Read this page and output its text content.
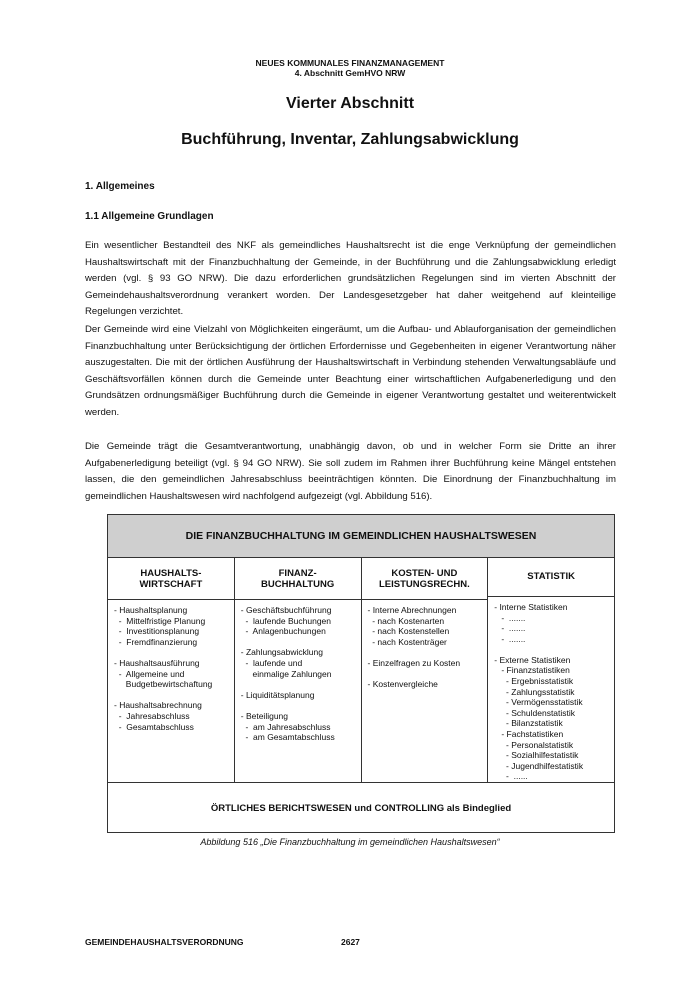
NEUES KOMMUNALES FINANZMANAGEMENT
4. Abschnitt GemHVO NRW
Vierter Abschnitt
Buchführung, Inventar, Zahlungsabwicklung
1. Allgemeines
1.1 Allgemeine Grundlagen

Ein wesentlicher Bestandteil des NKF als gemeindliches Haushaltsrecht ist die enge Verknüpfung der gemeindlichen Haushaltswirtschaft mit der Finanzbuchhaltung der Gemeinde, in der Buchführung und die Zahlungsabwicklung erledigt werden (vgl. § 93 GO NRW). Die dazu erforderlichen grundsätzlichen Regelungen sind im vierten Abschnitt der Gemeindehaushaltsverordnung verankert worden. Der Landesgesetzgeber hat daher weitgehend auf kleinteilige Regelungen verzichtet.

Der Gemeinde wird eine Vielzahl von Möglichkeiten eingeräumt, um die Aufbau- und Ablauforganisation der gemeindlichen Finanzbuchhaltung unter Berücksichtigung der örtlichen Erfordernisse und Gegebenheiten in eigener Verantwortung näher auszugestalten. Die mit der örtlichen Ausführung der Haushaltswirtschaft in Verbindung stehenden Verwaltungsabläufe und Geschäftsvorfällen können durch die Gemeinde unter Beachtung einer wirtschaftlichen Aufgabenerledigung und den Grundsätzen ordnungsmäßiger Buchführung durch die Gemeinde in eigener Verantwortung gestaltet und weiterentwickelt werden.

Die Gemeinde trägt die Gesamtverantwortung, unabhängig davon, ob und in welcher Form sie Dritte an ihrer Aufgabenerledigung beteiligt (vgl. § 94 GO NRW). Sie soll zudem im Rahmen ihrer Buchführung keine Mängel entstehen lassen, die den gemeindlichen Jahresabschluss beeinträchtigen könnten. Die Einordnung der Finanzbuchhaltung im gemeindlichen Haushaltswesen wird nachfolgend aufgezeigt (vgl. Abbildung 516).

DIE FINANZBUCHHALTUNG IM GEMEINDLICHEN HAUSHALTSWESEN
HAUSHALTS-
WIRTSCHAFT
- Haushaltsplanung
-  Mittelfristige Planung
-  Investitionsplanung
-  Fremdfinanzierung
- Haushaltsausführung
-  Allgemeine und
Budgetbewirtschaftung
- Haushaltsabrechnung
-  Jahresabschluss
-  Gesamtabschluss
FINANZ-
BUCHHALTUNG
- Geschäftsbuchführung
-  laufende Buchungen
-  Anlagenbuchungen
- Zahlungsabwicklung
-  laufende und
einmalige Zahlungen
- Liquiditätsplanung
- Beteiligung
-  am Jahresabschluss
-  am Gesamtabschluss
KOSTEN- UND
LEISTUNGSRECHN.
- Interne Abrechnungen
- nach Kostenarten
- nach Kostenstellen
- nach Kostenträger
- Einzelfragen zu Kosten
- Kostenvergleiche
STATISTIK
- Interne Statistiken
-  .......
-  .......
-  .......
- Externe Statistiken
- Finanzstatistiken
- Ergebnisstatistik
- Zahlungsstatistik
- Vermögensstatistik
- Schuldenstatistik
- Bilanzstatistik
- Fachstatistiken
- Personalstatistik
- Sozialhilfestatistik
- Jugendhilfestatistik
-  ......
ÖRTLICHES BERICHTSWESEN und CONTROLLING als Bindeglied
Abbildung 516 „Die Finanzbuchhaltung im gemeindlichen Haushaltswesen“
GEMEINDEHAUSHALTSVERORDNUNG	2627
